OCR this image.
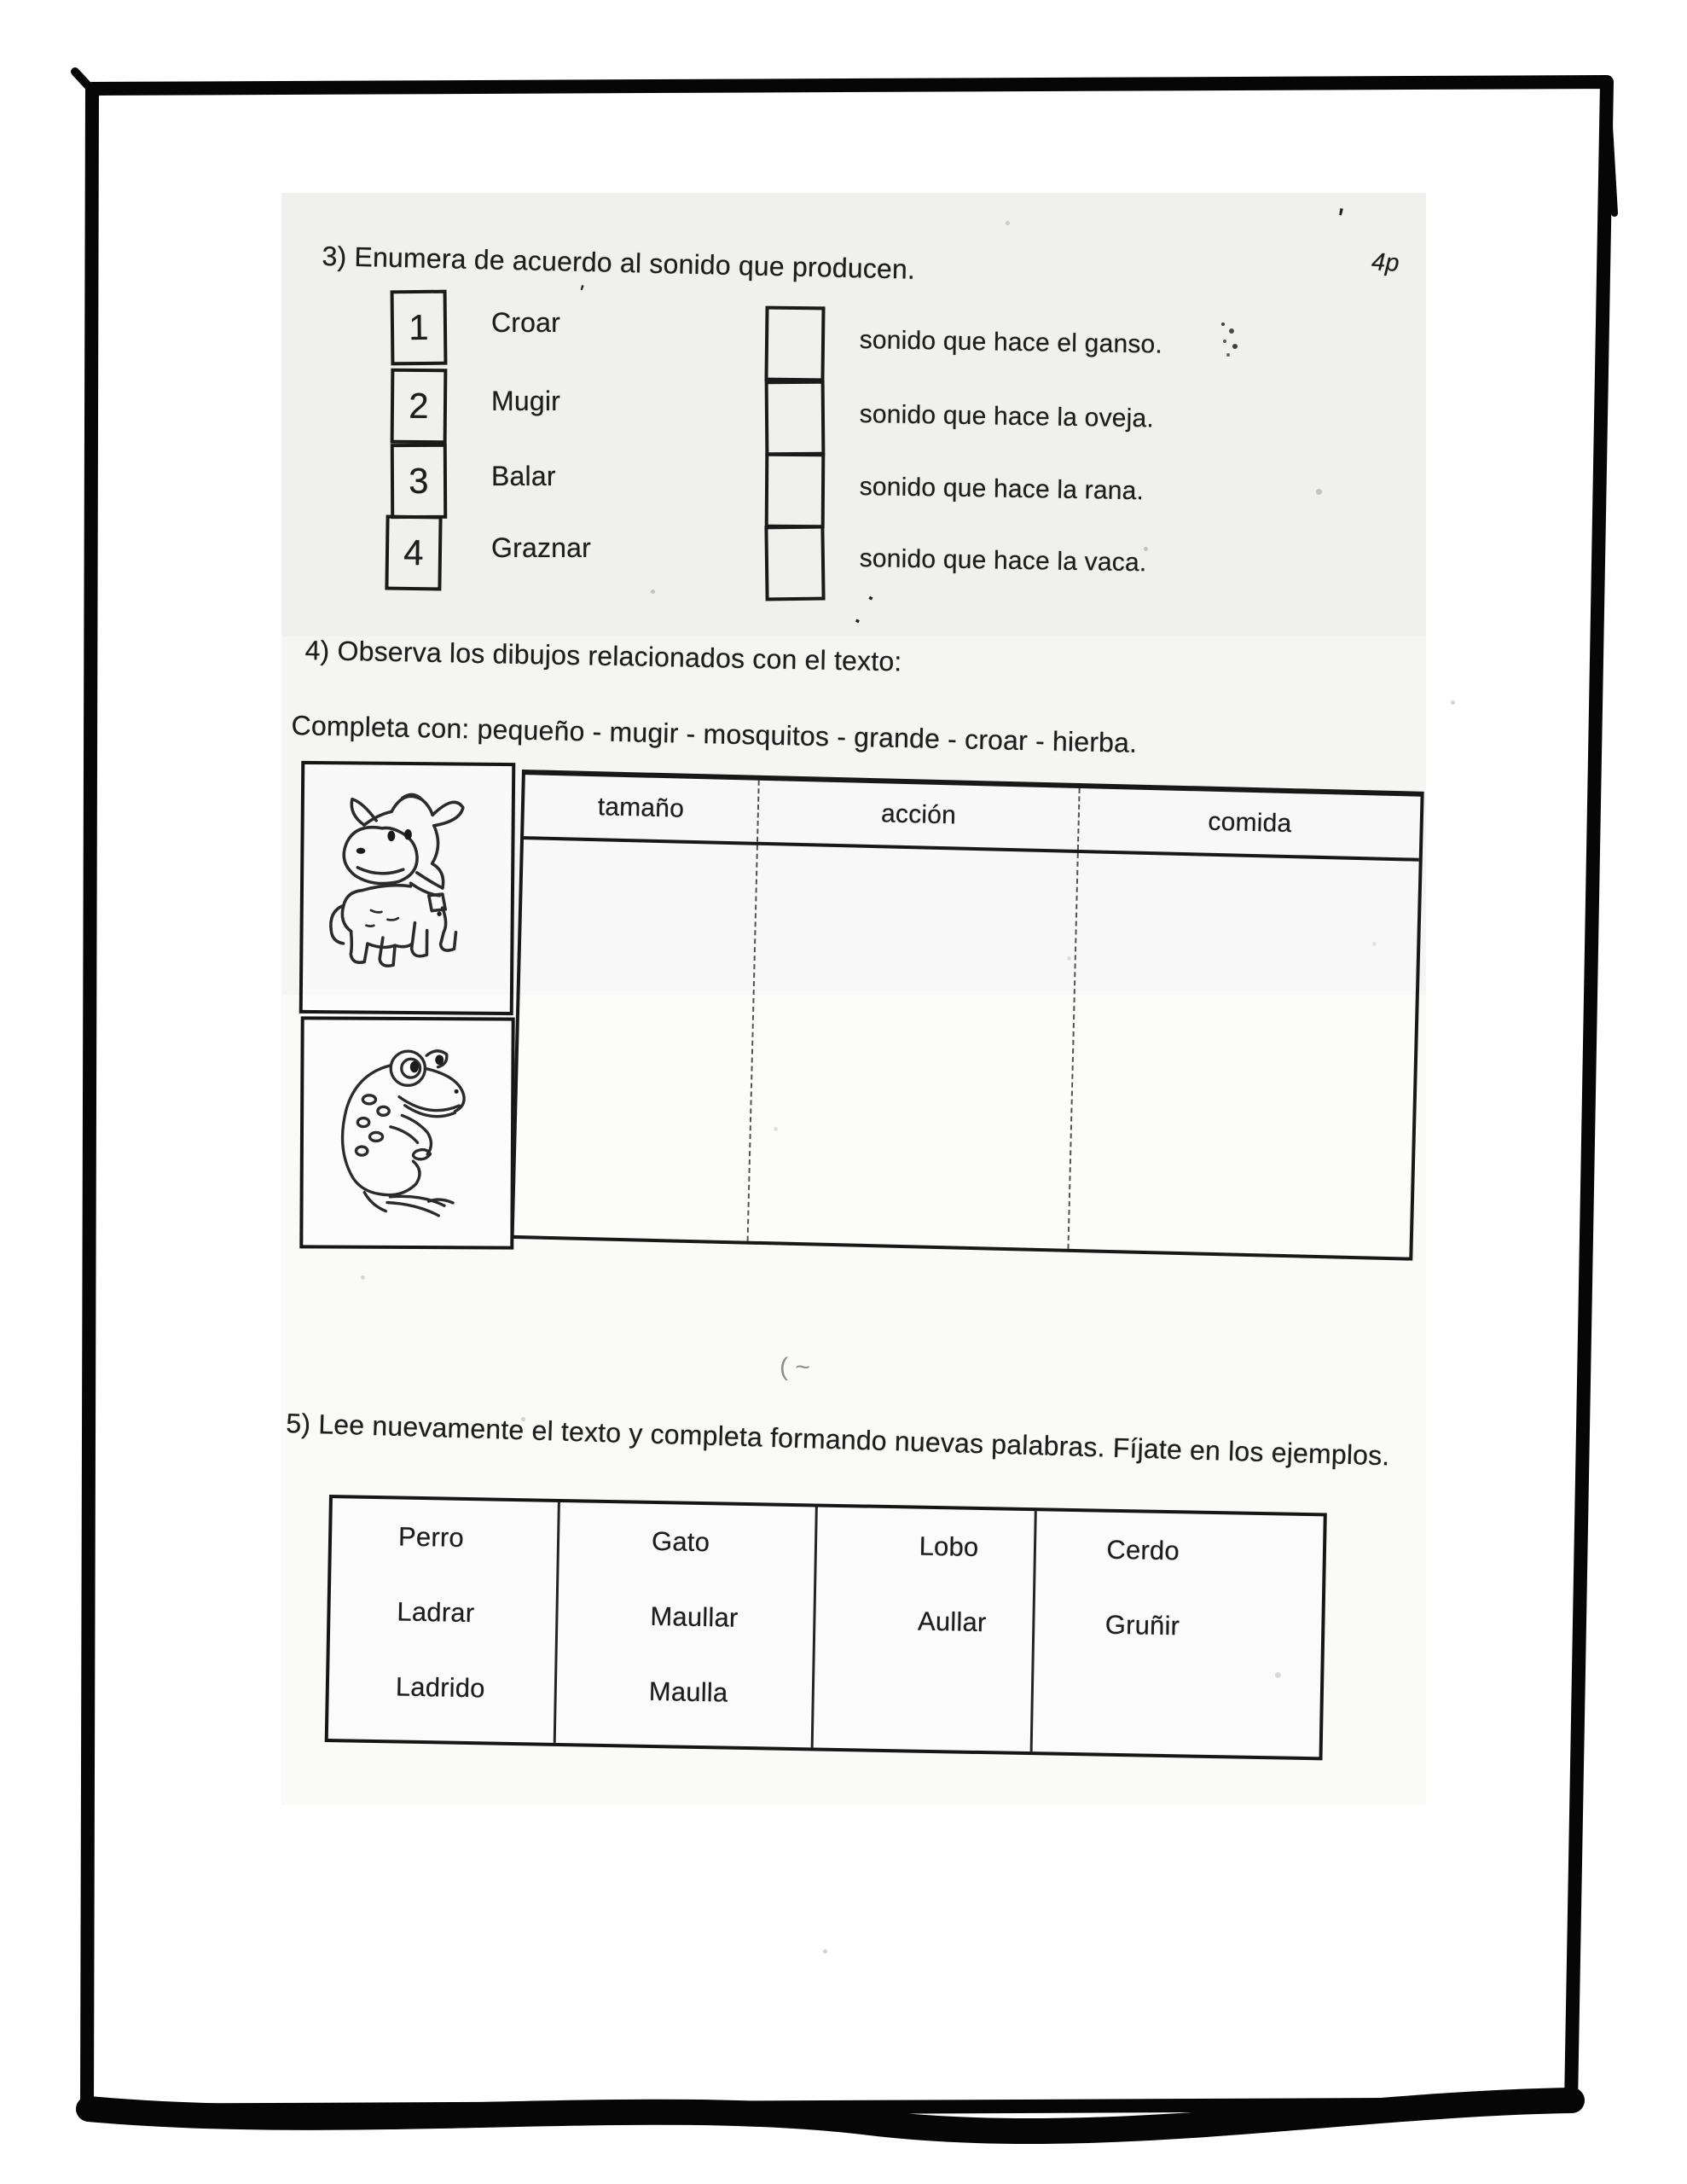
'
4p
'
( ~
. .
3) Enumera de acuerdo al sonido que producen.
1
2
3
4
Croar
Mugir
Balar
Graznar
sonido que hace el ganso.
sonido que hace la oveja.
sonido que hace la rana.
sonido que hace la vaca.
4) Observa los dibujos relacionados con el texto:
Completa con: pequeño - mugir - mosquitos - grande - croar - hierba.
tamaño	acción	comida
5) Lee nuevamente el texto y completa formando nuevas palabras. Fíjate en los ejemplos.
Perro
Ladrar
Ladrido
Gato
Maullar
Maulla
Lobo
Aullar
Cerdo
Gruñir
